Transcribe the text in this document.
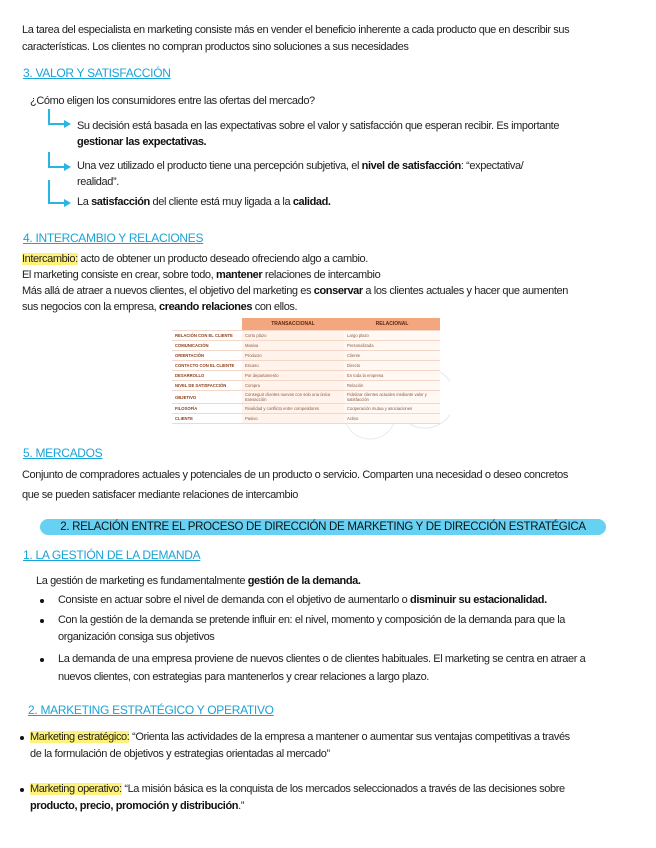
La tarea del especialista en marketing consiste más en vender el beneficio inherente a cada producto que en describir sus
características. Los clientes no compran productos sino soluciones a sus necesidades
3. VALOR Y SATISFACCIÓN
¿Cómo eligen los consumidores entre las ofertas del mercado?
Su decisión está basada en las expectativas sobre el valor y satisfacción que esperan recibir. Es importante
gestionar las expectativas.
Una vez utilizado el producto tiene una percepción subjetiva, el nivel de satisfacción: “expectativa/
realidad”.
La satisfacción del cliente está muy ligada a la calidad.
4. INTERCAMBIO Y RELACIONES
Intercambio: acto de obtener un producto deseado ofreciendo algo a cambio.
El marketing consiste en crear, sobre todo, mantener relaciones de intercambio
Más allá de atraer a nuevos clientes, el objetivo del marketing es conservar a los clientes actuales y hacer que aumenten
sus negocios con la empresa, creando relaciones con ellos.
	TRANSACCIONAL	RELACIONAL
RELACIÓN CON EL CLIENTE	Corto plazo	Largo plazo
COMUNICACIÓN	Masiva	Personalizada
ORIENTACIÓN	Producto	Cliente
CONTACTO CON EL CLIENTE	Escaso	Directo
DESARROLLO	Por departamento	En toda la empresa
NIVEL DE SATISFACCIÓN	Compra	Relación
OBJETIVO	Conseguir clientes nuevos con solo una única transacción	Fidelizar clientes actuales mediante valor y satisfacción
FILOSOFÍA	Rivalidad y conflicto entre competidores	Cooperación mutua y asociaciones
CLIENTE	Pasivo	Activo
5. MERCADOS
Conjunto de compradores actuales y potenciales de un producto o servicio. Comparten una necesidad o deseo concretos
que se pueden satisfacer mediante relaciones de intercambio
2. RELACIÓN ENTRE EL PROCESO DE DIRECCIÓN DE MARKETING Y DE DIRECCIÓN ESTRATÉGICA
1. LA GESTIÓN DE LA DEMANDA
La gestión de marketing es fundamentalmente gestión de la demanda.
Consiste en actuar sobre el nivel de demanda con el objetivo de aumentarlo o disminuir su estacionalidad.
Con la gestión de la demanda se pretende influir en: el nivel, momento y composición de la demanda para que la
organización consiga sus objetivos
La demanda de una empresa proviene de nuevos clientes o de clientes habituales. El marketing se centra en atraer a
nuevos clientes, con estrategias para mantenerlos y crear relaciones a largo plazo.
2. MARKETING ESTRATÉGICO Y OPERATIVO
Marketing estratégico: “Orienta las actividades de la empresa a mantener o aumentar sus ventajas competitivas a través
de la formulación de objetivos y estrategias orientadas al mercado”
Marketing operativo: “La misión básica es la conquista de los mercados seleccionados a través de las decisiones sobre
producto, precio, promoción y distribución.”
